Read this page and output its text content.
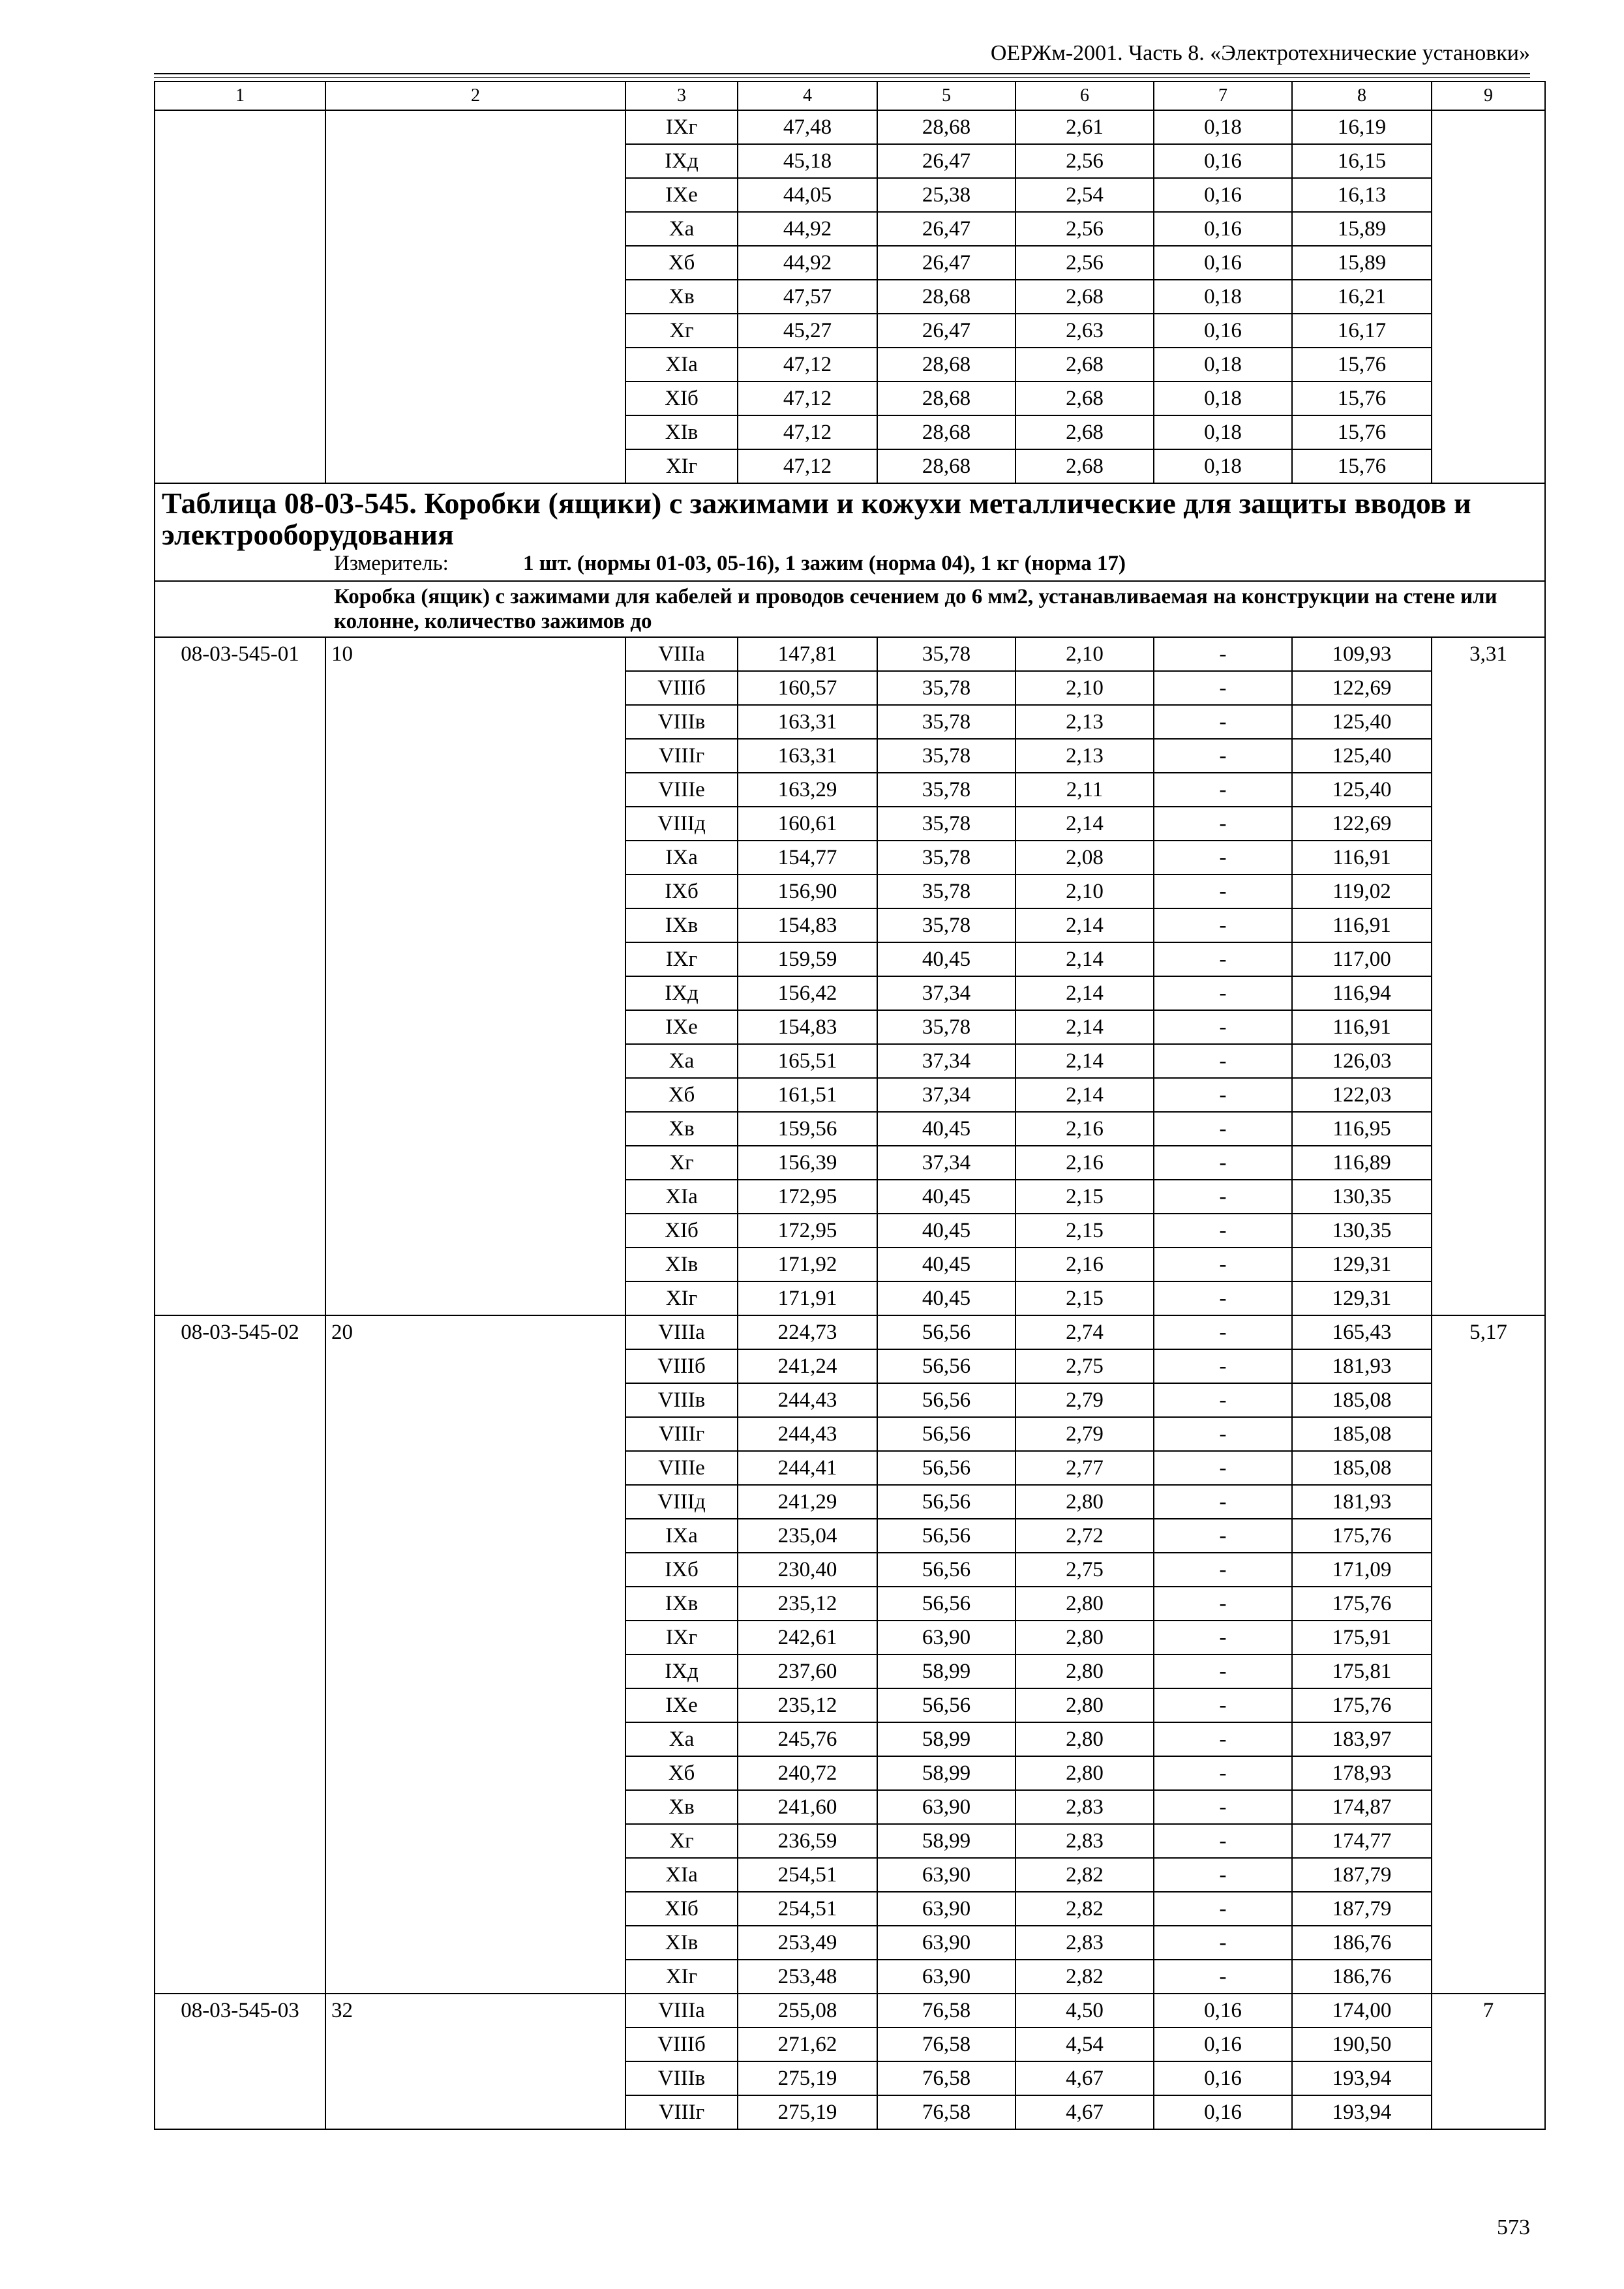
ОЕРЖм-2001. Часть 8. «Электротехнические установки»
1	2	3	4	5	6	7	8	9
		IXг	47,48	28,68	2,61	0,18	16,19	
		IXд	45,18	26,47	2,56	0,16	16,15	
		IXе	44,05	25,38	2,54	0,16	16,13	
		Xа	44,92	26,47	2,56	0,16	15,89	
		Xб	44,92	26,47	2,56	0,16	15,89	
		Xв	47,57	28,68	2,68	0,18	16,21	
		Xг	45,27	26,47	2,63	0,16	16,17	
		XIа	47,12	28,68	2,68	0,18	15,76	
		XIб	47,12	28,68	2,68	0,18	15,76	
		XIв	47,12	28,68	2,68	0,18	15,76	
		XIг	47,12	28,68	2,68	0,18	15,76	

Таблица 08-03-545. Коробки (ящики) с зажимами и кожухи металлические для защиты вводов и электрооборудования
Измеритель: 1 шт. (нормы 01-03, 05-16), 1 зажим (норма 04), 1 кг (норма 17)								

Коробка (ящик) с зажимами для кабелей и проводов сечением до 6 мм2, устанавливаемая на конструкции на стене или колонне, количество зажимов до								
08-03-545-01	10	VIIIа	147,81	35,78	2,10	-	109,93	3,31
		VIIIб	160,57	35,78	2,10	-	122,69	
		VIIIв	163,31	35,78	2,13	-	125,40	
		VIIIг	163,31	35,78	2,13	-	125,40	
		VIIIе	163,29	35,78	2,11	-	125,40	
		VIIIд	160,61	35,78	2,14	-	122,69	
		IXа	154,77	35,78	2,08	-	116,91	
		IXб	156,90	35,78	2,10	-	119,02	
		IXв	154,83	35,78	2,14	-	116,91	
		IXг	159,59	40,45	2,14	-	117,00	
		IXд	156,42	37,34	2,14	-	116,94	
		IXе	154,83	35,78	2,14	-	116,91	
		Xа	165,51	37,34	2,14	-	126,03	
		Xб	161,51	37,34	2,14	-	122,03	
		Xв	159,56	40,45	2,16	-	116,95	
		Xг	156,39	37,34	2,16	-	116,89	
		XIа	172,95	40,45	2,15	-	130,35	
		XIб	172,95	40,45	2,15	-	130,35	
		XIв	171,92	40,45	2,16	-	129,31	
		XIг	171,91	40,45	2,15	-	129,31	
08-03-545-02	20	VIIIа	224,73	56,56	2,74	-	165,43	5,17
		VIIIб	241,24	56,56	2,75	-	181,93	
		VIIIв	244,43	56,56	2,79	-	185,08	
		VIIIг	244,43	56,56	2,79	-	185,08	
		VIIIе	244,41	56,56	2,77	-	185,08	
		VIIIд	241,29	56,56	2,80	-	181,93	
		IXа	235,04	56,56	2,72	-	175,76	
		IXб	230,40	56,56	2,75	-	171,09	
		IXв	235,12	56,56	2,80	-	175,76	
		IXг	242,61	63,90	2,80	-	175,91	
		IXд	237,60	58,99	2,80	-	175,81	
		IXе	235,12	56,56	2,80	-	175,76	
		Xа	245,76	58,99	2,80	-	183,97	
		Xб	240,72	58,99	2,80	-	178,93	
		Xв	241,60	63,90	2,83	-	174,87	
		Xг	236,59	58,99	2,83	-	174,77	
		XIа	254,51	63,90	2,82	-	187,79	
		XIб	254,51	63,90	2,82	-	187,79	
		XIв	253,49	63,90	2,83	-	186,76	
		XIг	253,48	63,90	2,82	-	186,76	
08-03-545-03	32	VIIIа	255,08	76,58	4,50	0,16	174,00	7
		VIIIб	271,62	76,58	4,54	0,16	190,50	
		VIIIв	275,19	76,58	4,67	0,16	193,94	
		VIIIг	275,19	76,58	4,67	0,16	193,94	
573
